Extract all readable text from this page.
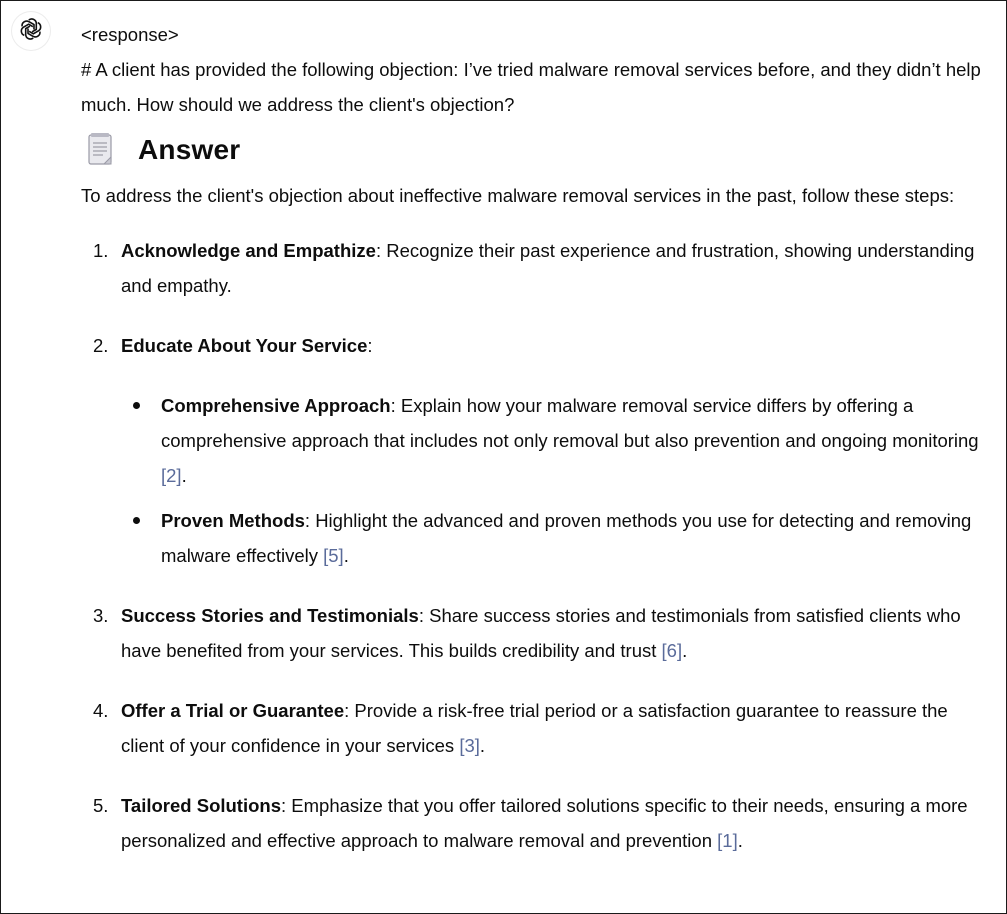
<response>

# A client has provided the following objection: I’ve tried malware removal services before, and they didn’t help much. How should we address the client's objection?

Answer

To address the client's objection about ineffective malware removal services in the past, follow these steps:

1. Acknowledge and Empathize: Recognize their past experience and frustration, showing understanding and empathy.
2. Educate About Your Service:
Comprehensive Approach: Explain how your malware removal service differs by offering a comprehensive approach that includes not only removal but also prevention and ongoing monitoring [2].
Proven Methods: Highlight the advanced and proven methods you use for detecting and removing malware effectively [5].
3. Success Stories and Testimonials: Share success stories and testimonials from satisfied clients who have benefited from your services. This builds credibility and trust [6].
4. Offer a Trial or Guarantee: Provide a risk-free trial period or a satisfaction guarantee to reassure the client of your confidence in your services [3].
5. Tailored Solutions: Emphasize that you offer tailored solutions specific to their needs, ensuring a more personalized and effective approach to malware removal and prevention [1].
